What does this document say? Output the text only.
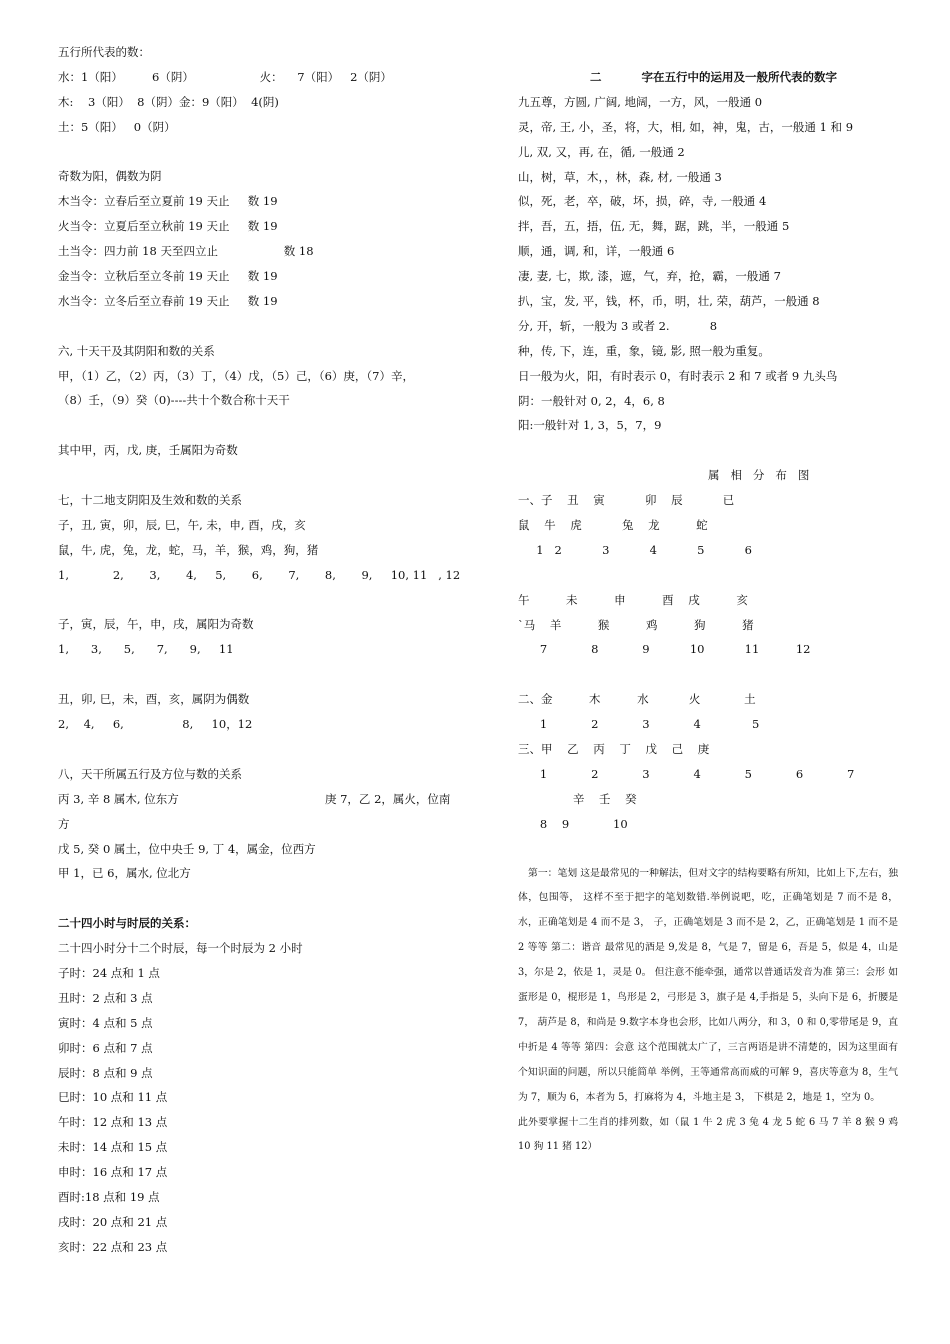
五行所代表的数：
水：1（阳）        6（阴）                  火：    7（阳）   2（阴）
木:    3（阳）  8（阴）金：9（阳）  4(阴)
土：5（阳）   0（阴）
奇数为阳，偶数为阴
木当令：立春后至立夏前 19 天止     数 19
火当令：立夏后至立秋前 19 天止     数 19
土当令：四力前 18 天至四立止                  数 18
金当令：立秋后至立冬前 19 天止     数 19
水当令：立冬后至立春前 19 天止     数 19
六, 十天干及其阴阳和数的关系
甲，（1）乙，（2）丙，（3）丁，（4）戊，（5）己，（6）庚，（7）辛，
（8）壬，（9）癸（0)----共十个数合称十天干
其中甲，丙，戊, 庚，壬属阳为奇数
七，十二地支阴阳及生效和数的关系
子，丑, 寅，卯，辰, 巳，午, 未，申, 酉，戌，亥
鼠，牛, 虎，兔，龙，蛇，马，羊，猴，鸡，狗，猪
1,            2,       3,       4,     5,       6,       7,       8,       9,     10, 11   , 12
子，寅，辰，午，申，戌，属阳为奇数
1,      3,      5,      7,      9,     11
丑，卯, 巳，未，酉，亥，属阴为偶数
2,    4,     6,                8,     10，12
八，天干所属五行及方位与数的关系
丙 3, 辛 8 属木, 位东方                                        庚 7，乙 2，属火，位南
方
戊 5, 癸 0 属土，位中央壬 9, 丁 4，属金，位西方
甲 1，已 6，属水, 位北方
二十四小时与时辰的关系：
二十四小时分十二个时辰，每一个时辰为 2 小时
子时：24 点和 1 点
丑时：2 点和 3 点
寅时：4 点和 5 点
卯时：6 点和 7 点
辰时：8 点和 9 点
巳时：10 点和 11 点
午时：12 点和 13 点
未时：14 点和 15 点
申时：16 点和 17 点
酉时:18 点和 19 点
戌时：20 点和 21 点
亥时：22 点和 23 点
二          字在五行中的运用及一般所代表的数字
九五尊，方圆, 广阔, 地阔，一方，风，一般通 0
灵，帝, 王, 小，圣，将，大，相, 如，神，鬼，古，一般通 1 和 9
儿, 双, 又，再, 在，循, 一般通 2
山，树，草，木，，林，森, 材, 一般通 3
似，死，老，卒，破，坏，损，碎，寺, 一般通 4
拌，吾，五，捂，伍, 无，舞，踞，跳，半，一般通 5
顺，通，调, 和，详，一般通 6
凄, 妻, 七，欺, 漆，遮，气，弃，抢，霸，一般通 7
扒，宝，发, 平，钱，杯，币，明，壮, 荣，葫芦，一般通 8
分, 开，斩，一般为 3 或者 2.           8
种，传, 下，连，重，象，镜, 影, 照一般为重复。
日一般为火，阳，有时表示 0，有时表示 2 和 7 或者 9 九头鸟
阴：一般针对 0, 2，4，6, 8
阳:一般针对 1, 3，5，7，9
属   相   分   布   图
一、子    丑    寅           卯    辰           已
鼠    牛    虎           兔    龙          蛇
1   2           3           4           5           6
午          未          申          酉    戌          亥
`马    羊          猴          鸡          狗          猪
7            8            9           10           11          12
二、金          木          水           火            土
1            2            3            4              5
三、甲    乙    丙    丁    戊    己    庚
1            2            3            4            5            6            7
辛    壬    癸
8    9            10
第一：笔划 这是最常见的一种解法，但对文字的结构要略有所知，比如上下,左右，独体，包围等， 这样不至于把字的笔划数错.举例说吧，吃，正确笔划是 7 而不是 8，水，正确笔划是 4 而不是 3， 子，正确笔划是 3 而不是 2，乙，正确笔划是 1 而不是 2 等等 第二：谐音 最常见的酒是 9,发是 8，气是 7，留是 6，吾是 5，似是 4，山是 3，尔是 2，依是 1，灵是 0。 但注意不能牵强，通常以普通话发音为准 第三：会形 如蛋形是 0，棍形是 1，鸟形是 2，弓形是 3，旗子是 4,手指是 5，头向下是 6，折腰是 7， 葫芦是 8，和尚是 9.数字本身也会形，比如八两分，和 3，0 和 0,零带尾是 9，直中折是 4 等等 第四：会意 这个范围就太广了，三言两语是讲不清楚的，因为这里面有个知识面的问题，所以只能简单 举例，王等通常高而威的可解 9，喜庆等意为 8，生气为 7，顺为 6，本者为 5，打麻将为 4，斗地主是 3， 下棋是 2，地是 1，空为 0。
此外要掌握十二生肖的排列数，如（鼠 1 牛 2 虎 3 兔 4 龙 5 蛇 6 马 7 羊 8 猴 9 鸡 10 狗 11 猪 12）
